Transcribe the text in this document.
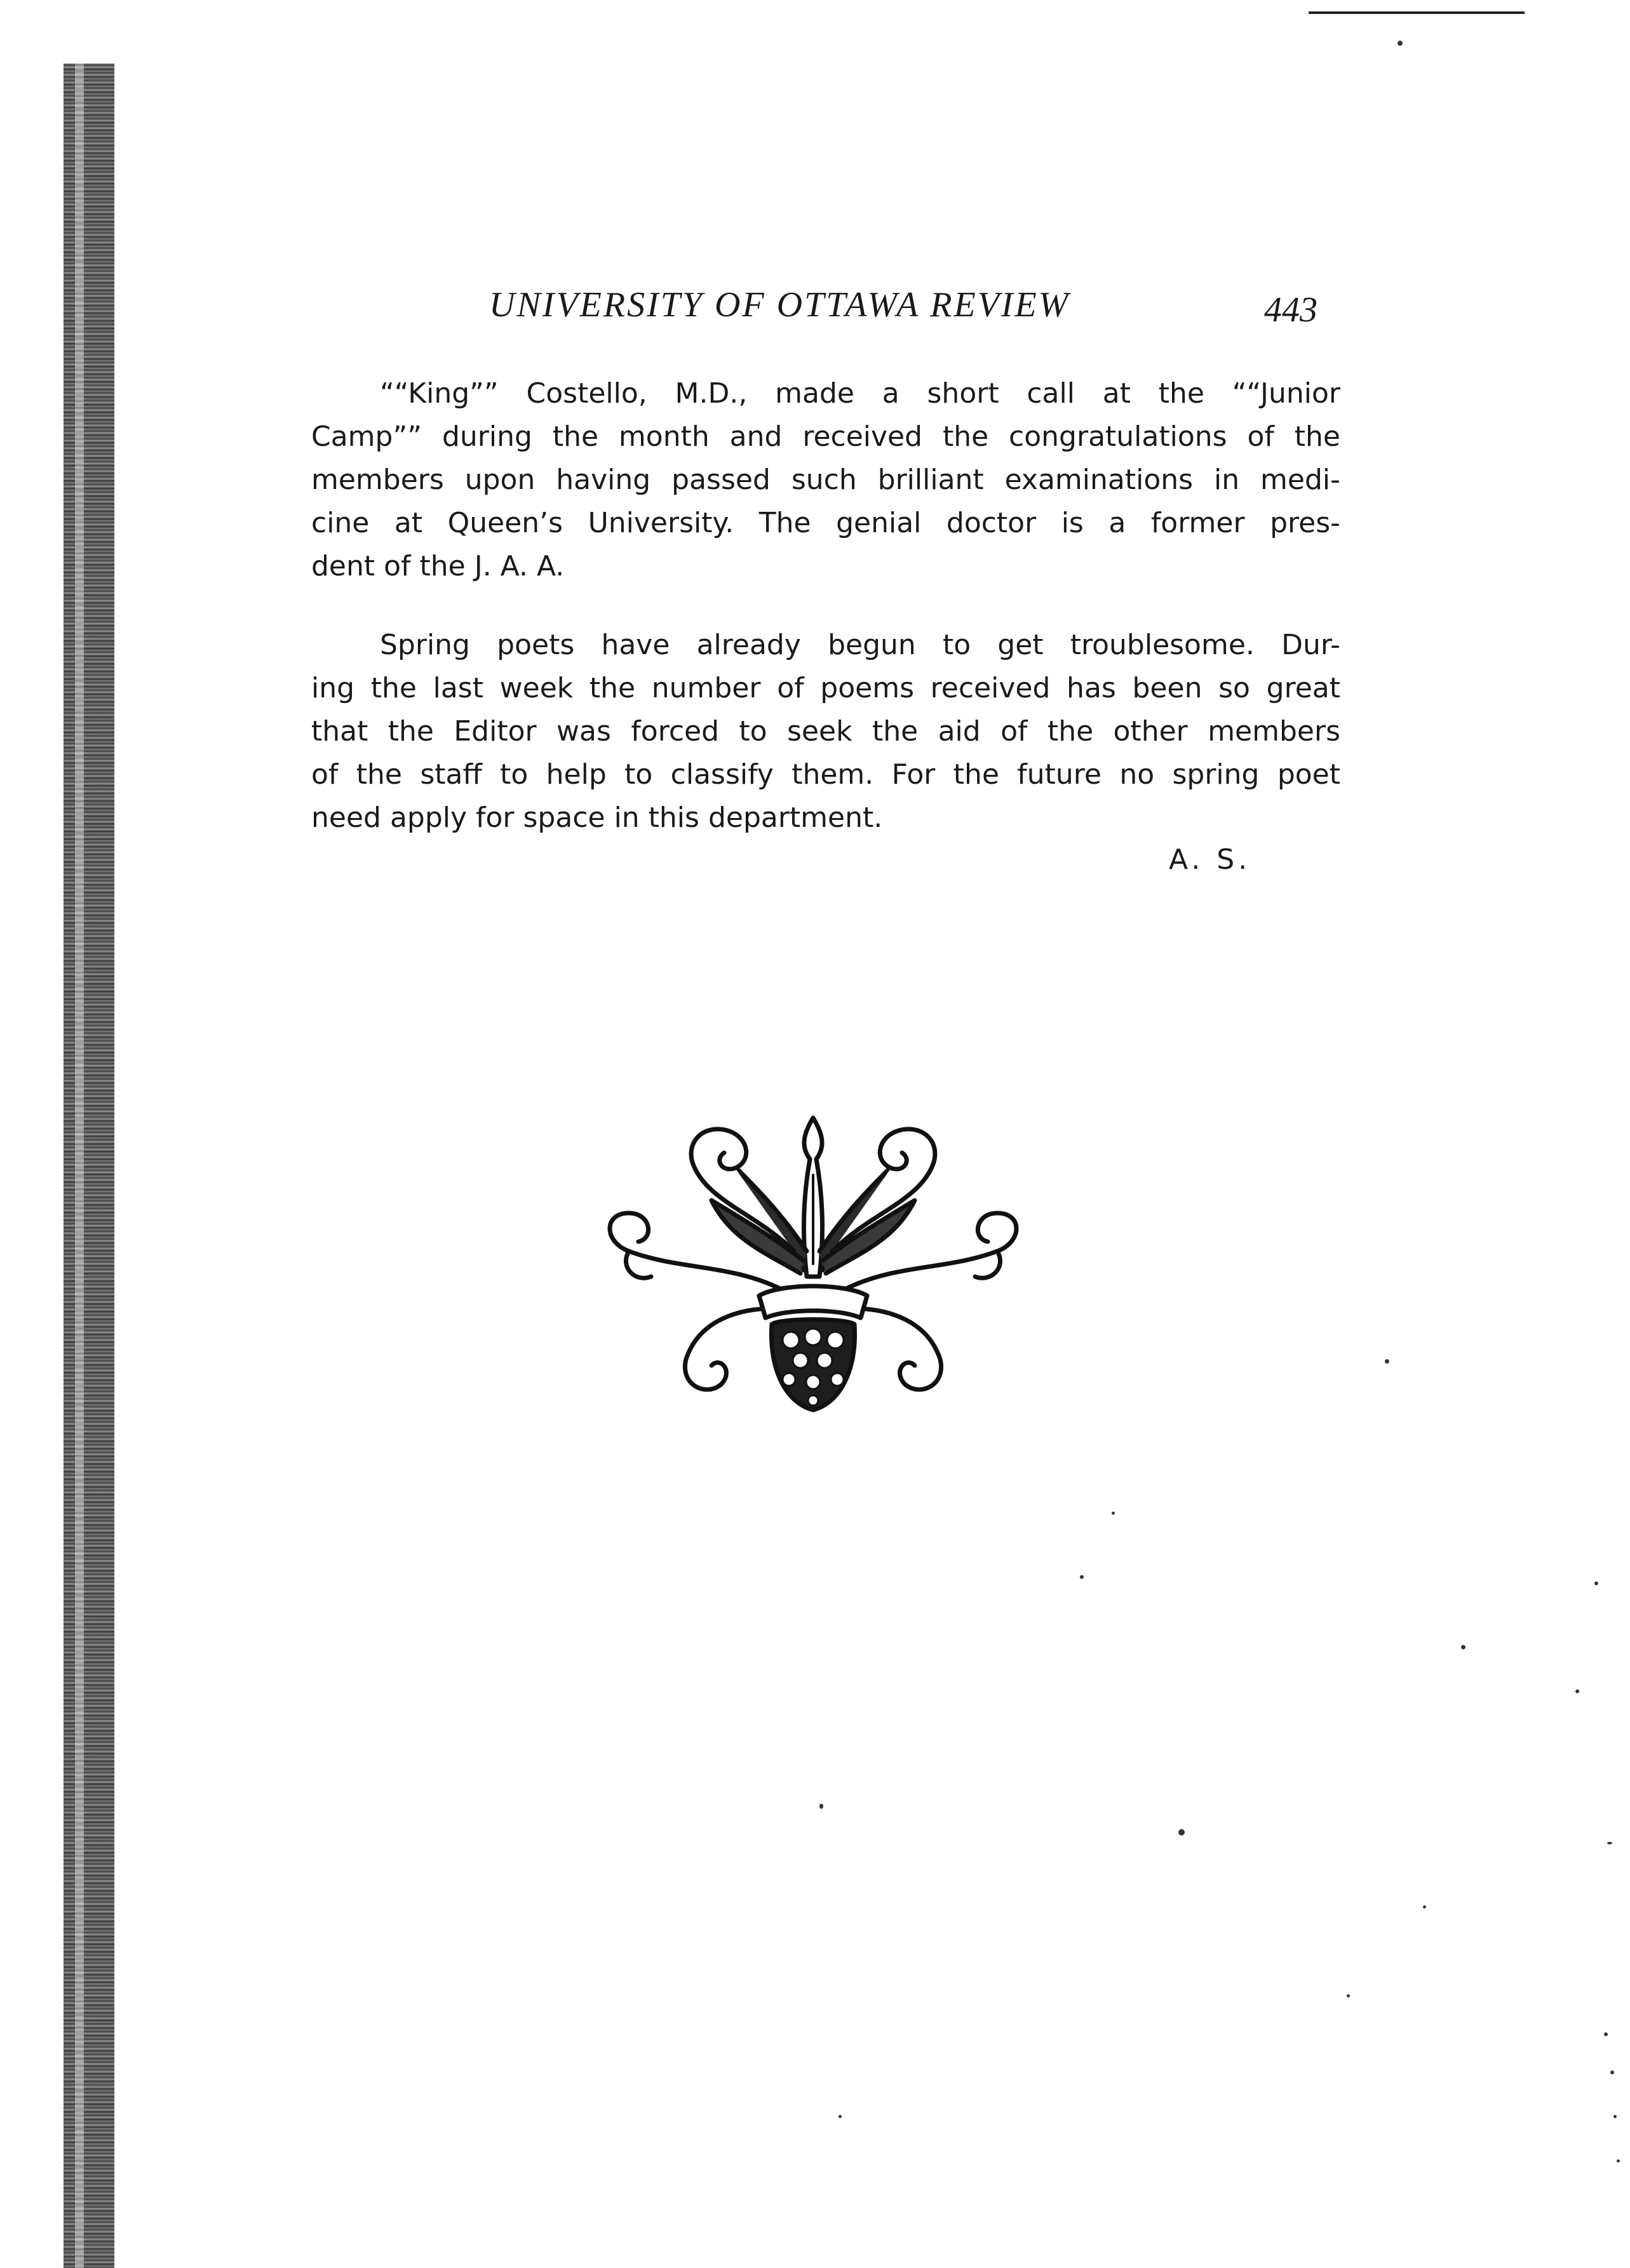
UNIVERSITY OF OTTAWA REVIEW	443

““King”” Costello, M.D., made a short call at the ““Junior
Camp”” during the month and received the congratulations of the
members upon having passed such brilliant examinations in medi-
cine at Queen’s University. The genial doctor is a former pres-
dent of the J. A. A.

Spring poets have already begun to get troublesome. Dur-
ing the last week the number of poems received has been so great
that the Editor was forced to seek the aid of the other members
of the staff to help to classify them. For the future no spring poet
need apply for space in this department.

A. S.
